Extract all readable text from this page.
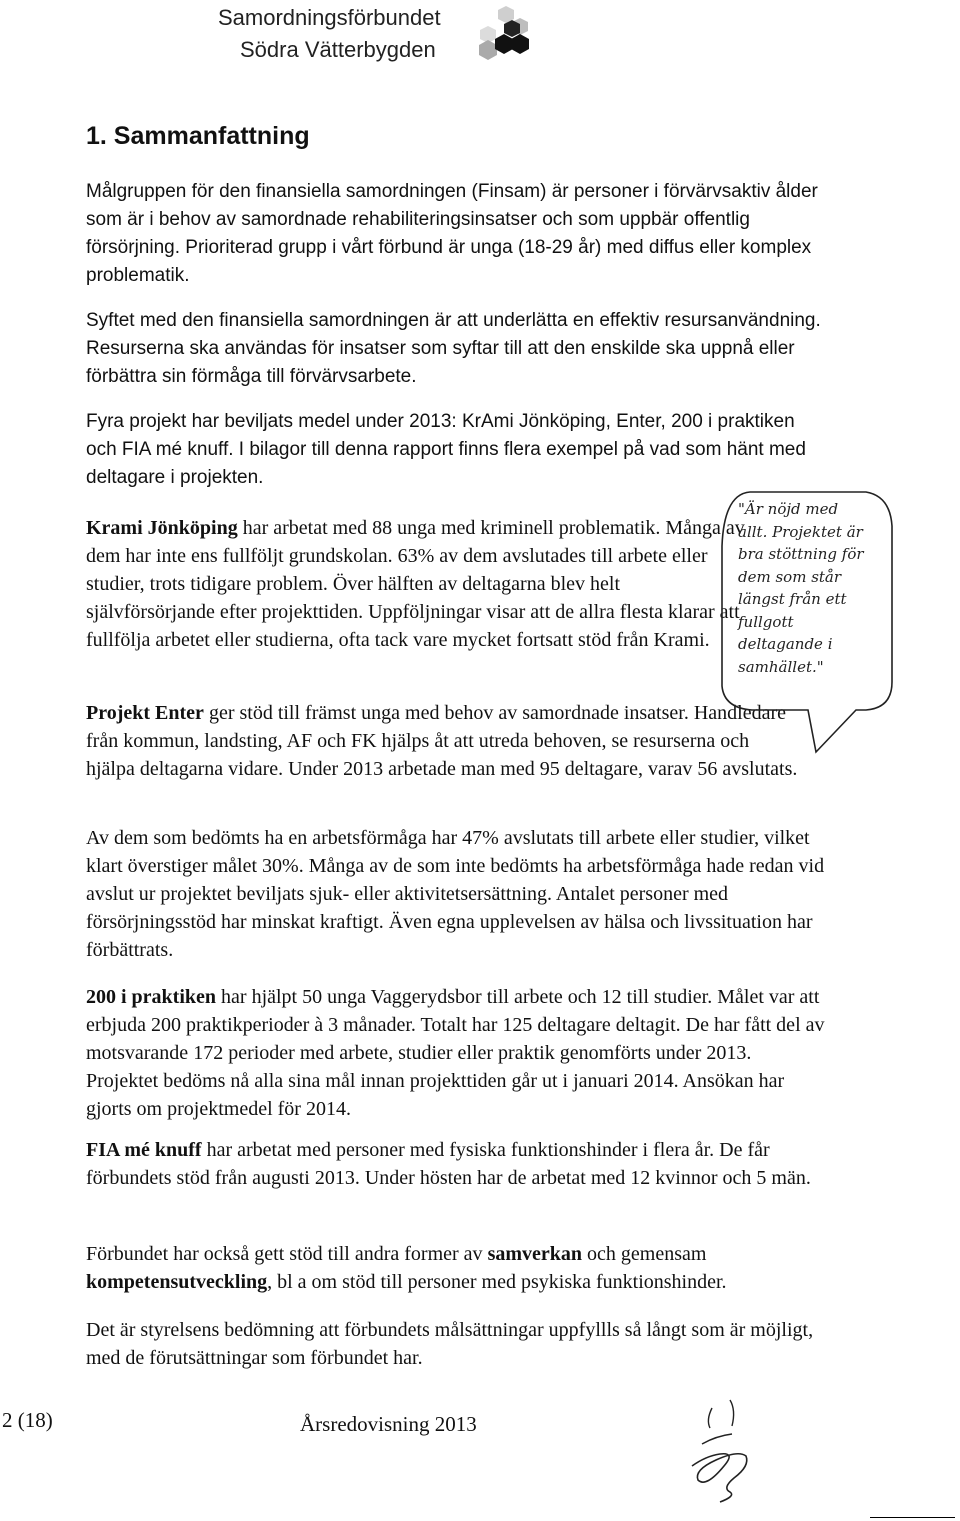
Samordningsförbundet
Södra Vätterbygden
1. Sammanfattning

Målgruppen för den finansiella samordningen (Finsam) är personer i förvärvsaktiv ålder som är i behov av samordnade rehabiliteringsinsatser och som uppbär offentlig försörjning. Prioriterad grupp i vårt förbund är unga (18-29 år) med diffus eller komplex problematik.

Syftet med den finansiella samordningen är att underlätta en effektiv resursanvändning. Resurserna ska användas för insatser som syftar till att den enskilde ska uppnå eller förbättra sin förmåga till förvärvsarbete.

Fyra projekt har beviljats medel under 2013: KrAmi Jönköping, Enter, 200 i praktiken och FIA mé knuff. I bilagor till denna rapport finns flera exempel på vad som hänt med deltagare i projekten.

Krami Jönköping har arbetat med 88 unga med kriminell problematik. Många av dem har inte ens fullföljt grundskolan. 63% av dem avslutades till arbete eller studier, trots tidigare problem. Över hälften av deltagarna blev helt självförsörjande efter projekttiden. Uppföljningar visar att de allra flesta klarar att fullfölja arbetet eller studierna, ofta tack vare mycket fortsatt stöd från Krami.

Projekt Enter ger stöd till främst unga med behov av samordnade insatser. Handledare från kommun, landsting, AF och FK hjälps åt att utreda behoven, se resurserna och hjälpa deltagarna vidare. Under 2013 arbetade man med 95 deltagare, varav 56 avslutats.

Av dem som bedömts ha en arbetsförmåga har 47% avslutats till arbete eller studier, vilket klart överstiger målet 30%. Många av de som inte bedömts ha arbetsförmåga hade redan vid avslut ur projektet beviljats sjuk- eller aktivitetsersättning. Antalet personer med försörjningsstöd har minskat kraftigt. Även egna upplevelsen av hälsa och livssituation har förbättrats.

200 i praktiken har hjälpt 50 unga Vaggerydsbor till arbete och 12 till studier. Målet var att erbjuda 200 praktikperioder à 3 månader. Totalt har 125 deltagare deltagit. De har fått del av motsvarande 172 perioder med arbete, studier eller praktik genomförts under 2013. Projektet bedöms nå alla sina mål innan projekttiden går ut i januari 2014. Ansökan har gjorts om projektmedel för 2014.

FIA mé knuff har arbetat med personer med fysiska funktionshinder i flera år. De får förbundets stöd från augusti 2013. Under hösten har de arbetat med 12 kvinnor och 5 män.

Förbundet har också gett stöd till andra former av samverkan och gemensam kompetensutveckling, bl a om stöd till personer med psykiska funktionshinder.

Det är styrelsens bedömning att förbundets målsättningar uppfyllls så långt som är möjligt, med de förutsättningar som förbundet har.

"Är nöjd med

allt. Projektet är

bra stöttning för

dem som står

längst från ett

fullgott

deltagande i

samhället."

2 (18)	Årsredovisning 2013
